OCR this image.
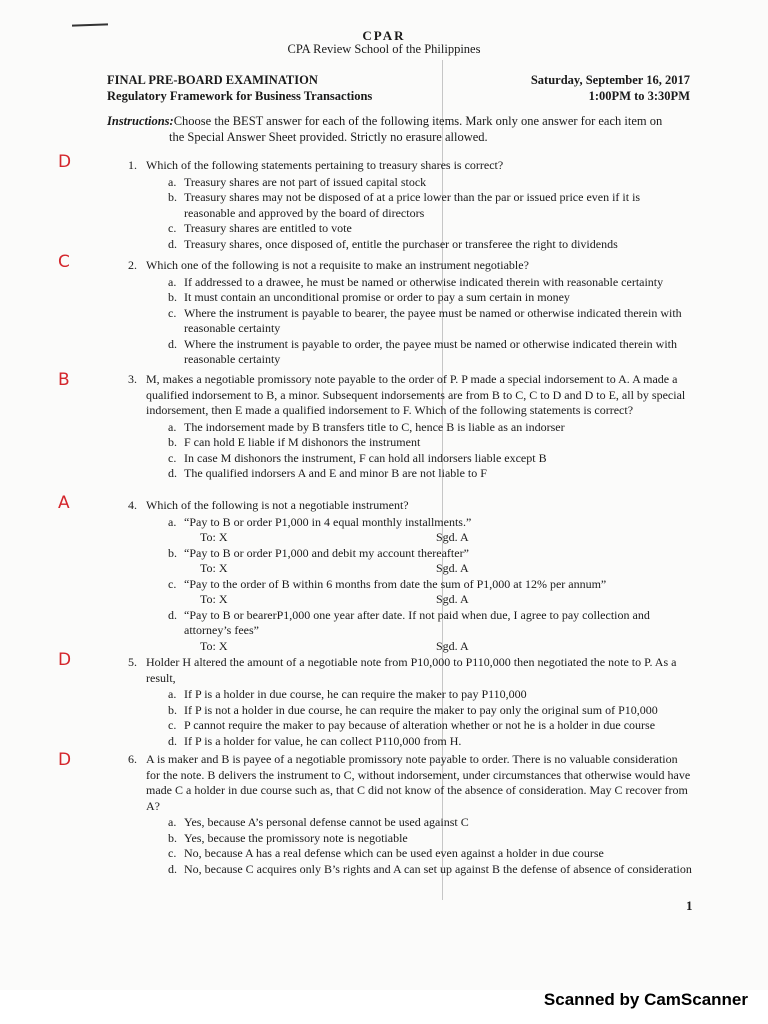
CPAR
CPA Review School of the Philippines
FINAL PRE-BOARD EXAMINATION
Regulatory Framework for Business Transactions
Saturday, September 16, 2017
1:00PM to 3:30PM
Instructions:Choose the BEST answer for each of the following items. Mark only one answer for each item on
the Special Answer Sheet provided. Strictly no erasure allowed.
D	1. Which of the following statements pertaining to treasury shares is correct?
a. Treasury shares are not part of issued capital stock
b. Treasury shares may not be disposed of at a price lower than the par or issued price even if it is reasonable and approved by the board of directors
c. Treasury shares are entitled to vote
d. Treasury shares, once disposed of, entitle the purchaser or transferee the right to dividends
C	2. Which one of the following is not a requisite to make an instrument negotiable?
a. If addressed to a drawee, he must be named or otherwise indicated therein with reasonable certainty
b. It must contain an unconditional promise or order to pay a sum certain in money
c. Where the instrument is payable to bearer, the payee must be named or otherwise indicated therein with reasonable certainty
d. Where the instrument is payable to order, the payee must be named or otherwise indicated therein with reasonable certainty
B	3. M, makes a negotiable promissory note payable to the order of P. P made a special indorsement to A. A made a qualified indorsement to B, a minor. Subsequent indorsements are from B to C, C to D and D to E, all by special indorsement, then E made a qualified indorsement to F. Which of the following statements is correct?
a. The indorsement made by B transfers title to C, hence B is liable as an indorser
b. F can hold E liable if M dishonors the instrument
c. In case M dishonors the instrument, F can hold all indorsers liable except B
d. The qualified indorsers A and E and minor B are not liable to F
A	4. Which of the following is not a negotiable instrument?
a. “Pay to B or order P1,000 in 4 equal monthly installments.”
To: X	Sgd. A
b. “Pay to B or order P1,000 and debit my account thereafter”
To: X	Sgd. A
c. “Pay to the order of B within 6 months from date the sum of P1,000 at 12% per annum”
To: X	Sgd. A
d. “Pay to B or bearerP1,000 one year after date. If not paid when due, I agree to pay collection and attorney’s fees”
To: X	Sgd. A
D	5. Holder H altered the amount of a negotiable note from P10,000 to P110,000 then negotiated the note to P. As a result,
a. If P is a holder in due course, he can require the maker to pay P110,000
b. If P is not a holder in due course, he can require the maker to pay only the original sum of P10,000
c. P cannot require the maker to pay because of alteration whether or not he is a holder in due course
d. If P is a holder for value, he can collect P110,000 from H.
D	6. A is maker and B is payee of a negotiable promissory note payable to order. There is no valuable consideration for the note. B delivers the instrument to C, without indorsement, under circumstances that otherwise would have made C a holder in due course such as, that C did not know of the absence of consideration. May C recover from A?
a. Yes, because A’s personal defense cannot be used against C
b. Yes, because the promissory note is negotiable
c. No, because A has a real defense which can be used even against a holder in due course
d. No, because C acquires only B’s rights and A can set up against B the defense of absence of consideration
1
Scanned by CamScanner
